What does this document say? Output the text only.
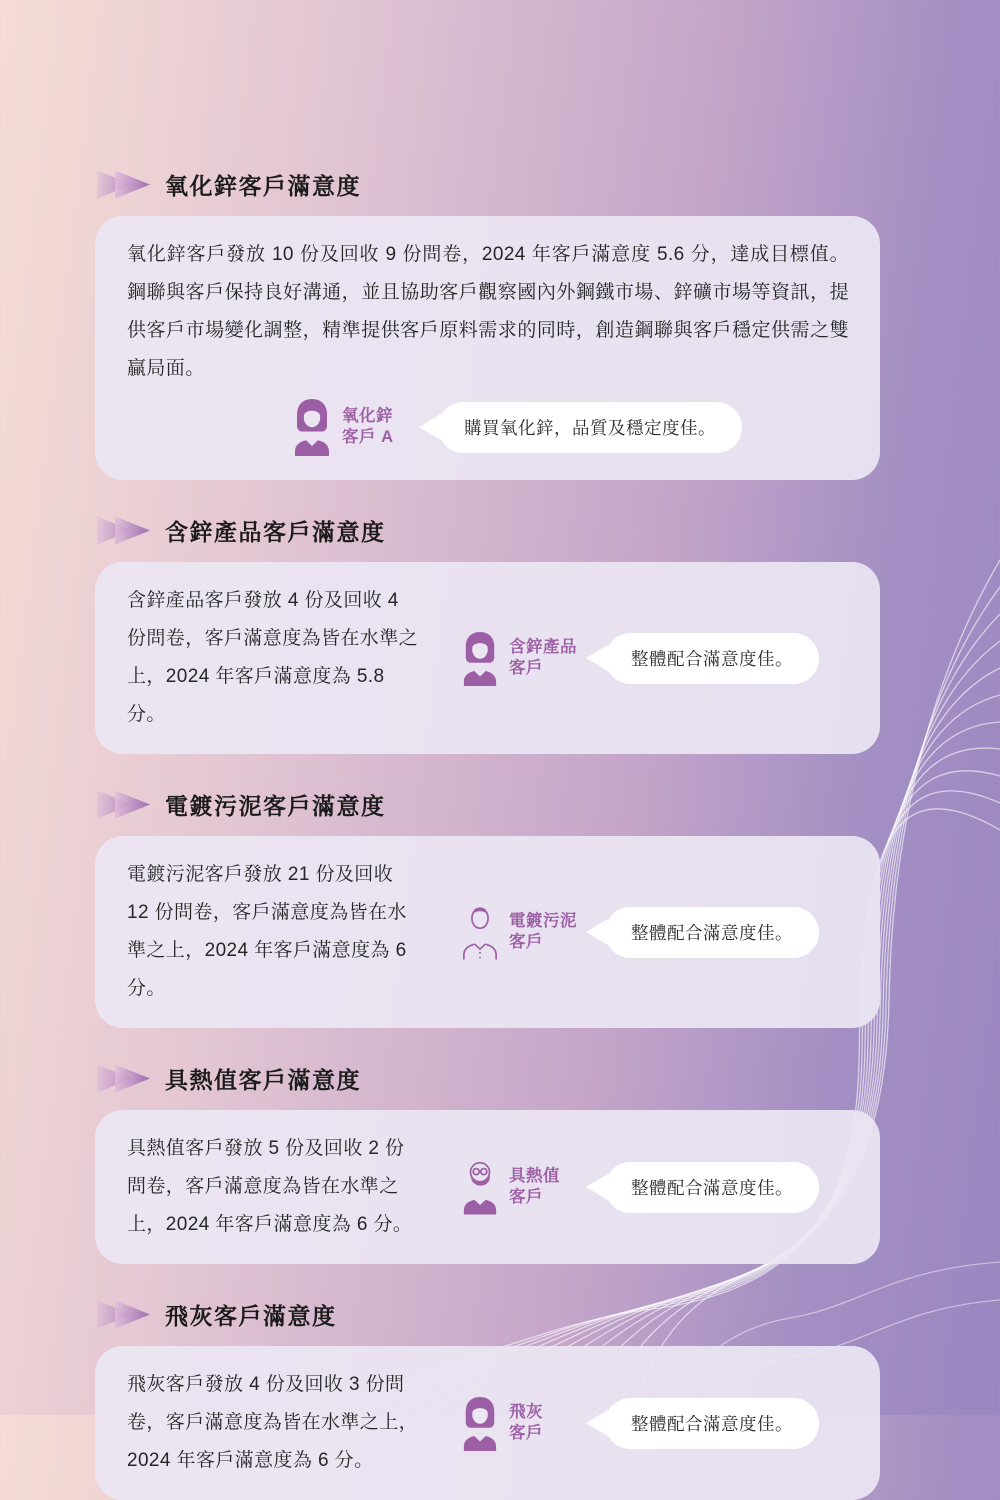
氧化鋅客戶滿意度

氧化鋅客戶發放 10 份及回收 9 份問卷，2024 年客戶滿意度 5.6 分，達成目標值。鋼聯與客戶保持良好溝通，並且協助客戶觀察國內外鋼鐵市場、鋅礦市場等資訊，提供客戶市場變化調整，精準提供客戶原料需求的同時，創造鋼聯與客戶穩定供需之雙贏局面。

氧化鋅
客戶 A	購買氧化鋅，品質及穩定度佳。
含鋅產品客戶滿意度

含鋅產品客戶發放 4 份及回收 4 份問卷，客戶滿意度為皆在水準之上，2024 年客戶滿意度為 5.8 分。

含鋅產品
客戶	整體配合滿意度佳。
電鍍污泥客戶滿意度

電鍍污泥客戶發放 21 份及回收 12 份問卷，客戶滿意度為皆在水準之上，2024 年客戶滿意度為 6 分。

電鍍污泥
客戶	整體配合滿意度佳。
具熱值客戶滿意度

具熱值客戶發放 5 份及回收 2 份問卷，客戶滿意度為皆在水準之上，2024 年客戶滿意度為 6 分。

具熱值
客戶	整體配合滿意度佳。
飛灰客戶滿意度

飛灰客戶發放 4 份及回收 3 份問卷，客戶滿意度為皆在水準之上，2024 年客戶滿意度為 6 分。

飛灰
客戶	整體配合滿意度佳。
